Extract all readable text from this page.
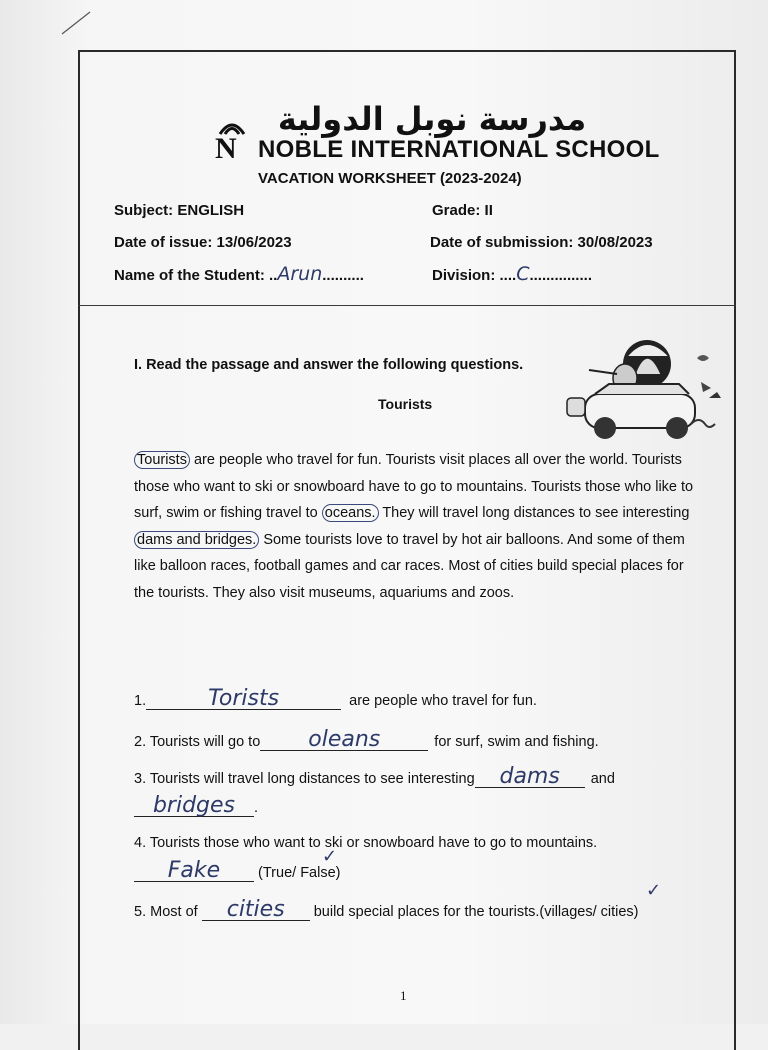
N
مدرسة نوبل الدولية
NOBLE INTERNATIONAL SCHOOL
VACATION WORKSHEET (2023-2024)
Subject: ENGLISH	Grade: II
Date of issue: 13/06/2023	Date of submission: 30/08/2023
Name of the Student: ..Arun..........	Division: ....C...............
I. Read the passage and answer the following questions.
Tourists

Tourists are people who travel for fun. Tourists visit places all over the world. Tourists those who want to ski or snowboard have to go to mountains. Tourists those who like to surf, swim or fishing travel to oceans. They will travel long distances to see interesting dams and bridges. Some tourists love to travel by hot air balloons. And some of them like balloon races, football games and car races. Most of cities build special places for the tourists. They also visit museums, aquariums and zoos.

1.	Torists	are people who travel for fun.
2. Tourists will go to oleans	for surf, swim and fishing.
3. Tourists will travel long distances to see interesting dams and
bridges .
4. Tourists those who want to ski or snowboard have to go to mountains.
Fake	(True/ False)
✓
5. Most of cities build special places for the tourists.(villages/ cities)
✓
1
